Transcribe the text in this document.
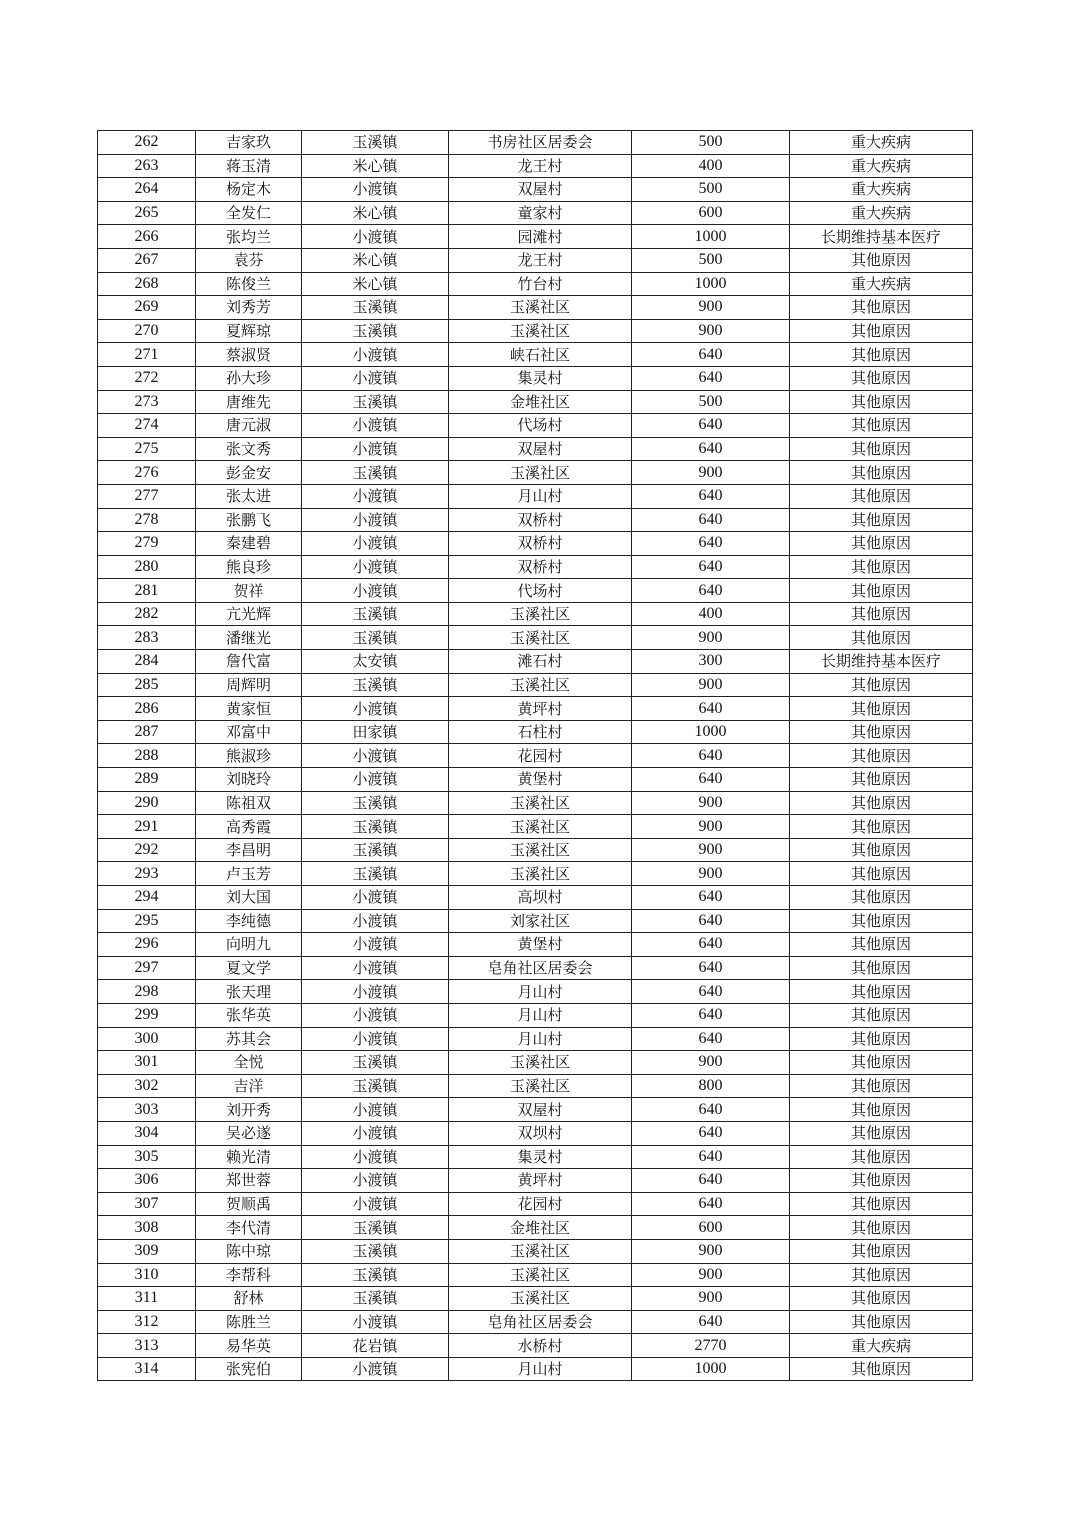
262	吉家玖	玉溪镇	书房社区居委会	500	重大疾病
263	蒋玉清	米心镇	龙王村	400	重大疾病
264	杨定木	小渡镇	双屋村	500	重大疾病
265	全发仁	米心镇	童家村	600	重大疾病
266	张均兰	小渡镇	园滩村	1000	长期维持基本医疗
267	袁芬	米心镇	龙王村	500	其他原因
268	陈俊兰	米心镇	竹台村	1000	重大疾病
269	刘秀芳	玉溪镇	玉溪社区	900	其他原因
270	夏辉琼	玉溪镇	玉溪社区	900	其他原因
271	蔡淑贤	小渡镇	峡石社区	640	其他原因
272	孙大珍	小渡镇	集灵村	640	其他原因
273	唐维先	玉溪镇	金堆社区	500	其他原因
274	唐元淑	小渡镇	代场村	640	其他原因
275	张文秀	小渡镇	双屋村	640	其他原因
276	彭金安	玉溪镇	玉溪社区	900	其他原因
277	张太进	小渡镇	月山村	640	其他原因
278	张鹏飞	小渡镇	双桥村	640	其他原因
279	秦建碧	小渡镇	双桥村	640	其他原因
280	熊良珍	小渡镇	双桥村	640	其他原因
281	贺祥	小渡镇	代场村	640	其他原因
282	亢光辉	玉溪镇	玉溪社区	400	其他原因
283	潘继光	玉溪镇	玉溪社区	900	其他原因
284	詹代富	太安镇	滩石村	300	长期维持基本医疗
285	周辉明	玉溪镇	玉溪社区	900	其他原因
286	黄家恒	小渡镇	黄坪村	640	其他原因
287	邓富中	田家镇	石柱村	1000	其他原因
288	熊淑珍	小渡镇	花园村	640	其他原因
289	刘晓玲	小渡镇	黄堡村	640	其他原因
290	陈祖双	玉溪镇	玉溪社区	900	其他原因
291	高秀霞	玉溪镇	玉溪社区	900	其他原因
292	李昌明	玉溪镇	玉溪社区	900	其他原因
293	卢玉芳	玉溪镇	玉溪社区	900	其他原因
294	刘大国	小渡镇	高坝村	640	其他原因
295	李纯德	小渡镇	刘家社区	640	其他原因
296	向明九	小渡镇	黄堡村	640	其他原因
297	夏文学	小渡镇	皂角社区居委会	640	其他原因
298	张天理	小渡镇	月山村	640	其他原因
299	张华英	小渡镇	月山村	640	其他原因
300	苏其会	小渡镇	月山村	640	其他原因
301	全悦	玉溪镇	玉溪社区	900	其他原因
302	吉洋	玉溪镇	玉溪社区	800	其他原因
303	刘开秀	小渡镇	双屋村	640	其他原因
304	吴必遂	小渡镇	双坝村	640	其他原因
305	赖光清	小渡镇	集灵村	640	其他原因
306	郑世蓉	小渡镇	黄坪村	640	其他原因
307	贺顺禹	小渡镇	花园村	640	其他原因
308	李代清	玉溪镇	金堆社区	600	其他原因
309	陈中琼	玉溪镇	玉溪社区	900	其他原因
310	李帮科	玉溪镇	玉溪社区	900	其他原因
311	舒林	玉溪镇	玉溪社区	900	其他原因
312	陈胜兰	小渡镇	皂角社区居委会	640	其他原因
313	易华英	花岩镇	水桥村	2770	重大疾病
314	张宪伯	小渡镇	月山村	1000	其他原因
